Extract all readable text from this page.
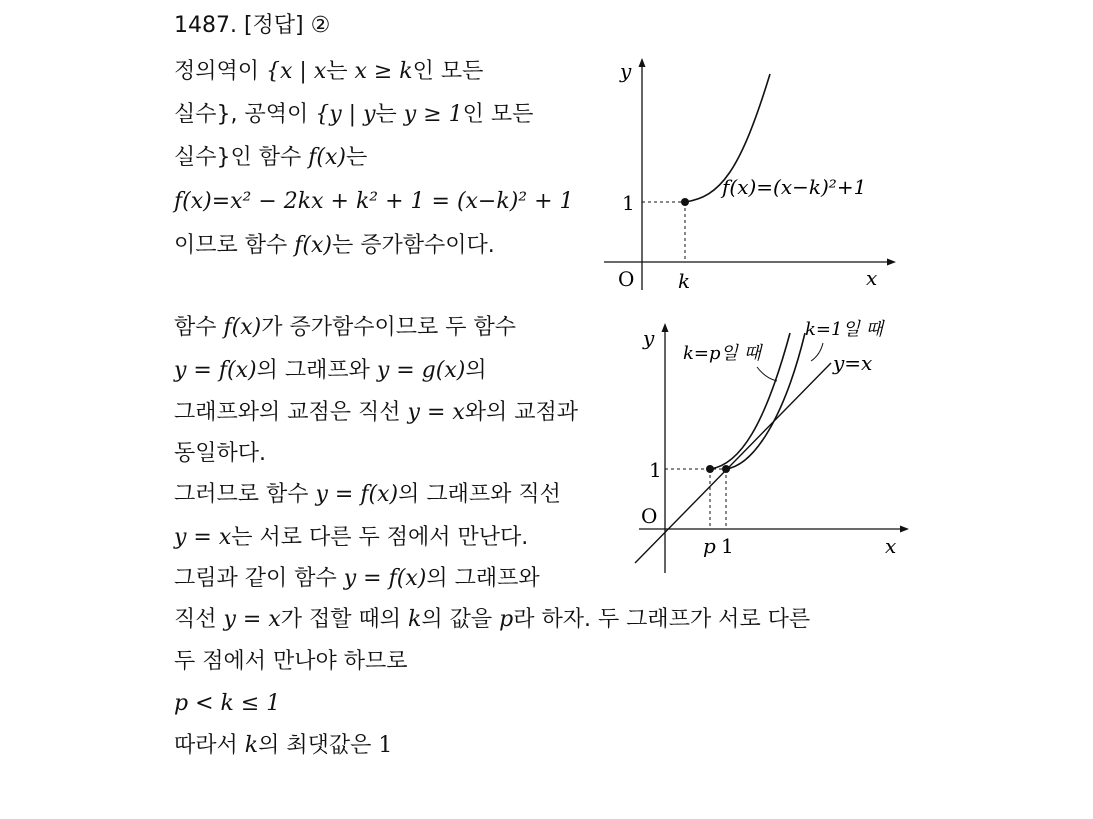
1487. [정답] ②
정의역이 {x | x는 x ≥ k인 모든
실수}, 공역이 {y | y는 y ≥ 1인 모든
실수}인 함수 f(x)는
f(x)=x² − 2kx + k² + 1 = (x−k)² + 1
이므로 함수 f(x)는 증가함수이다.
함수 f(x)가 증가함수이므로 두 함수
y = f(x)의 그래프와 y = g(x)의
그래프와의 교점은 직선 y = x와의 교점과
동일하다.
그러므로 함수 y = f(x)의 그래프와 직선
y = x는 서로 다른 두 점에서 만난다.
그림과 같이 함수 y = f(x)의 그래프와
직선 y = x가 접할 때의 k의 값을 p라 하자. 두 그래프가 서로 다른
두 점에서 만나야 하므로
p < k ≤ 1
따라서 k의 최댓값은 1
y
x
O
1
k
f(x)=(x−k)²+1
y
x
O
1
p 1
k=1일 때
k=p일 때	y=x
